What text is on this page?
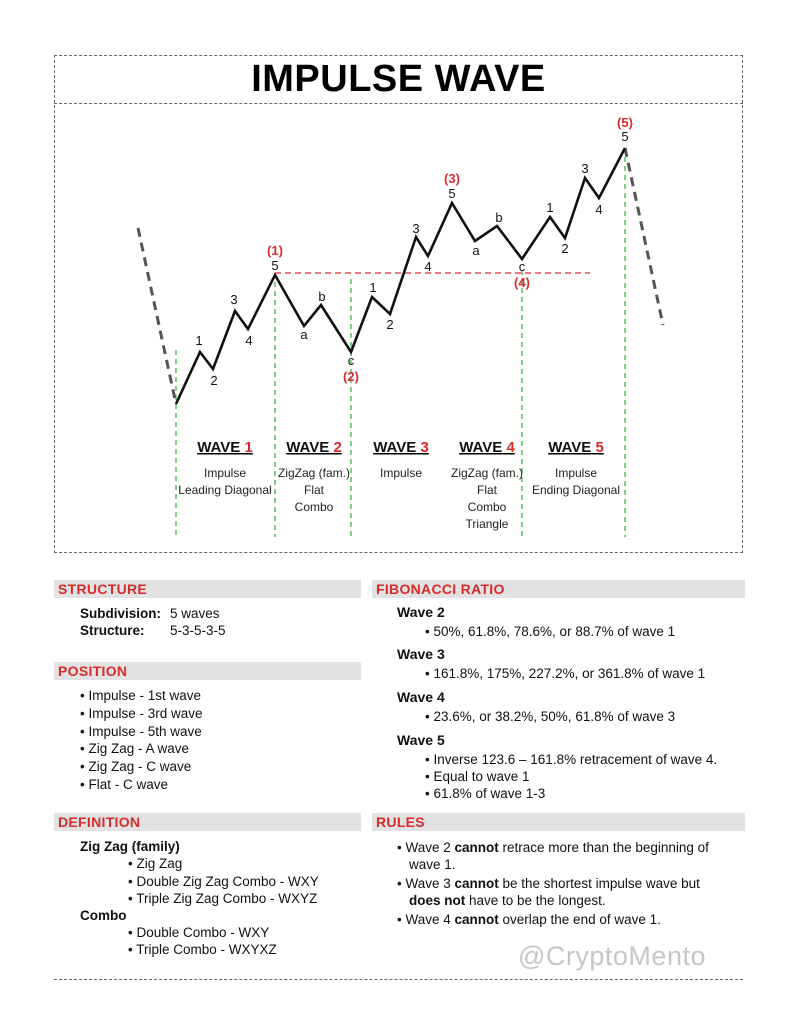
IMPULSE WAVE
1
2
3
4
5
a
b
c
1
2
3
4
5
a
b
c
1
2
3
4
5
(1)
(2)
(3)
(4)
(5)
WAVE 1 WAVE 2 WAVE 3 WAVE 4 WAVE 5
Impulse
Leading Diagonal
ZigZag (fam.)
Flat
Combo
Impulse ZigZag (fam.)
Flat
Combo
Triangle
Impulse
Ending Diagonal
STRUCTURE
Subdivision: 5 waves
Structure: 5-3-5-3-5
POSITION
• Impulse - 1st wave
• Impulse - 3rd wave
• Impulse - 5th wave
• Zig Zag - A wave
• Zig Zag - C wave
• Flat - C wave
DEFINITION
Zig Zag (family)
• Zig Zag
• Double Zig Zag Combo - WXY
• Triple Zig Zag Combo - WXYZ
Combo
• Double Combo - WXY
• Triple Combo - WXYXZ
FIBONACCI RATIO
Wave 2
• 50%, 61.8%, 78.6%, or 88.7% of wave 1
Wave 3
• 161.8%, 175%, 227.2%, or 361.8% of wave 1
Wave 4
• 23.6%, or 38.2%, 50%, 61.8% of wave 3
Wave 5
• Inverse 123.6 – 161.8% retracement of wave 4.
• Equal to wave 1
• 61.8% of wave 1-3
RULES
• Wave 2 cannot retrace more than the beginning of
wave 1.
• Wave 3 cannot be the shortest impulse wave but
does not have to be the longest.
• Wave 4 cannot overlap the end of wave 1.
@CryptoMento
